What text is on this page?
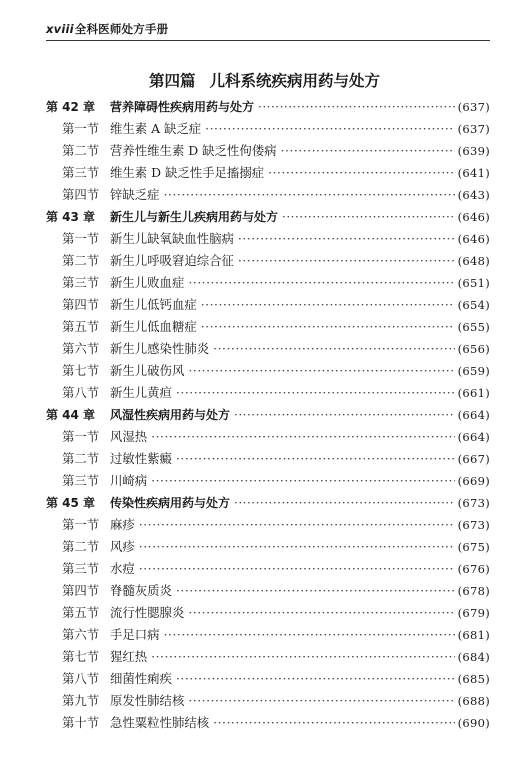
xviii全科医师处方手册
第四篇 儿科系统疾病用药与处方
第 42 章	营养障碍性疾病用药与处方 ·····	(637)
第一节 维生素 A 缺乏症 ·····	(637)
第二节 营养性维生素 D 缺乏性佝偻病 ·····	(639)
第三节 维生素 D 缺乏性手足搐搦症 ·····	(641)
第四节 锌缺乏症 ·····	(643)
第 43 章	新生儿与新生儿疾病用药与处方 ·····	(646)
第一节 新生儿缺氧缺血性脑病 ·····	(646)
第二节 新生儿呼吸窘迫综合征 ·····	(648)
第三节 新生儿败血症 ·····	(651)
第四节 新生儿低钙血症 ·····	(654)
第五节 新生儿低血糖症 ·····	(655)
第六节 新生儿感染性肺炎 ·····	(656)
第七节 新生儿破伤风 ·····	(659)
第八节 新生儿黄疸 ·····	(661)
第 44 章	风湿性疾病用药与处方 ·····	(664)
第一节 风湿热 ·····	(664)
第二节 过敏性紫癜 ·····	(667)
第三节 川崎病 ·····	(669)
第 45 章	传染性疾病用药与处方 ·····	(673)
第一节 麻疹 ·····	(673)
第二节 风疹 ·····	(675)
第三节 水痘 ·····	(676)
第四节 脊髓灰质炎 ·····	(678)
第五节 流行性腮腺炎 ·····	(679)
第六节 手足口病 ·····	(681)
第七节 猩红热 ·····	(684)
第八节 细菌性痢疾 ·····	(685)
第九节 原发性肺结核 ·····	(688)
第十节 急性粟粒性肺结核 ·····	(690)
